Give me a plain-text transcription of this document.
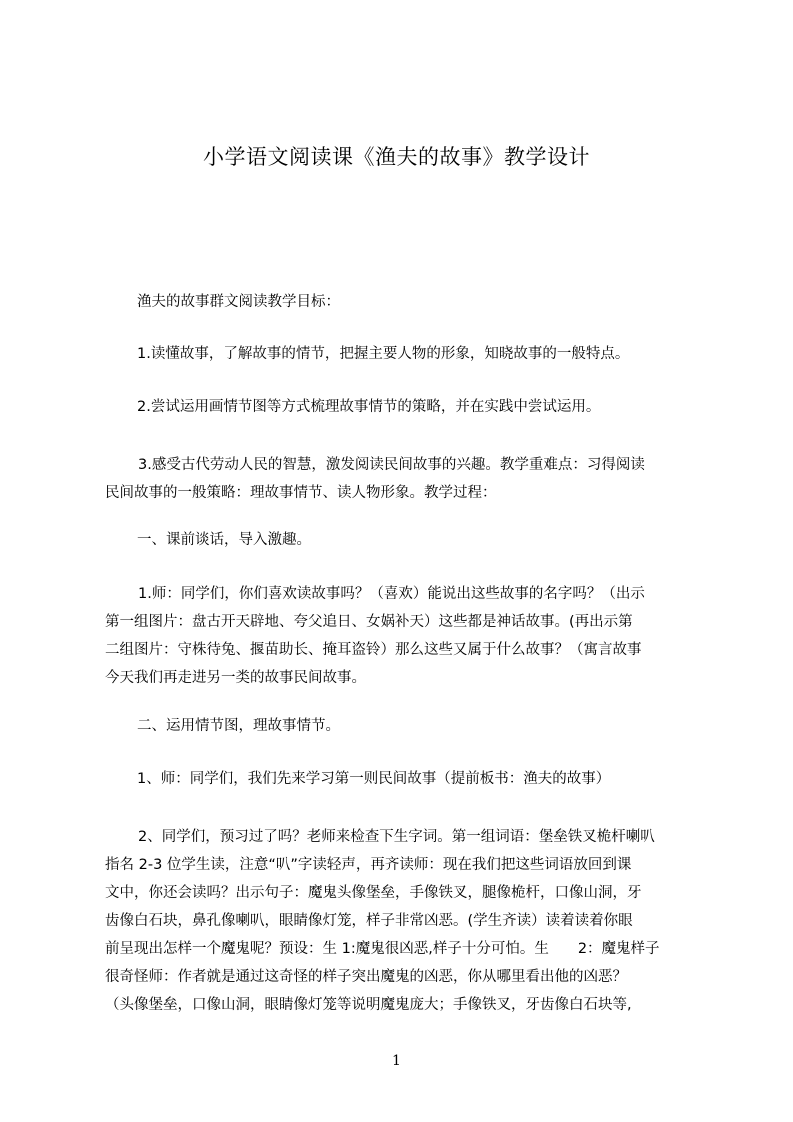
小学语文阅读课《渔夫的故事》教学设计
渔夫的故事群文阅读教学目标：
1.读懂故事，了解故事的情节，把握主要人物的形象，知晓故事的一般特点。
2.尝试运用画情节图等方式梳理故事情节的策略，并在实践中尝试运用。
3.感受古代劳动人民的智慧，激发阅读民间故事的兴趣。教学重难点：习得阅读
民间故事的一般策略：理故事情节、读人物形象。教学过程：
一、课前谈话，导入激趣。
1.师：同学们，你们喜欢读故事吗？（喜欢）能说出这些故事的名字吗？（出示
第一组图片：盘古开天辟地、夸父追日、女娲补天）这些都是神话故事。(再出示第
二组图片：守株待兔、揠苗助长、掩耳盗铃）那么这些又属于什么故事？（寓言故事
今天我们再走进另一类的故事民间故事。
二、运用情节图，理故事情节。
1、师：同学们，我们先来学习第一则民间故事（提前板书：渔夫的故事）
2、同学们，预习过了吗？老师来检查下生字词。第一组词语：堡垒铁叉桅杆喇叭
指名 2-3 位学生读，注意“叭”字读轻声，再齐读师：现在我们把这些词语放回到课
文中，你还会读吗？出示句子：魔鬼头像堡垒，手像铁叉，腿像桅杆，口像山洞，牙
齿像白石块，鼻孔像喇叭，眼睛像灯笼，样子非常凶恶。(学生齐读）读着读着你眼
前呈现出怎样一个魔鬼呢？预设：生 1:魔鬼很凶恶,样子十分可怕。生　　2：魔鬼样子
很奇怪师：作者就是通过这奇怪的样子突出魔鬼的凶恶，你从哪里看出他的凶恶？
（头像堡垒，口像山洞，眼睛像灯笼等说明魔鬼庞大；手像铁叉，牙齿像白石块等,
1
